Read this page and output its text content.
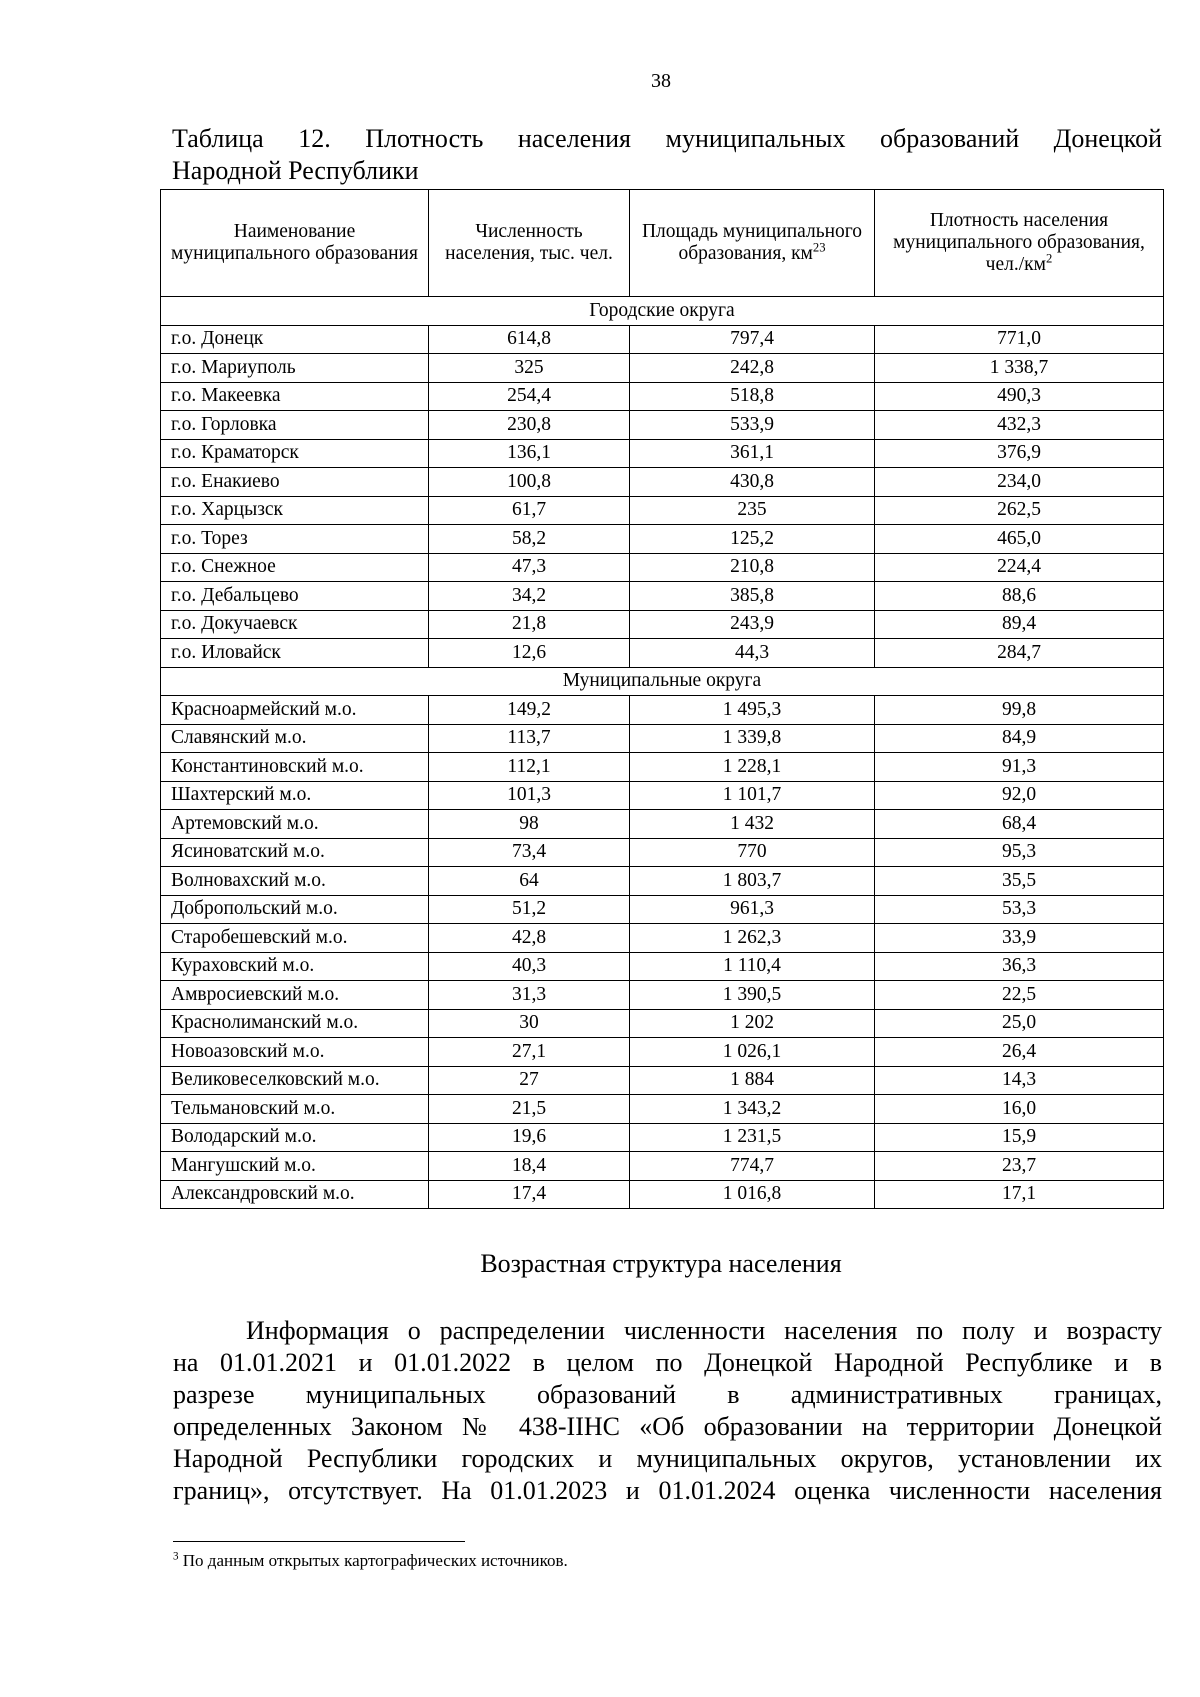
38
Таблица 12. Плотность населения муниципальных образований Донецкой
Народной Республики
Наименование муниципального образования	Численность населения, тыс. чел.	Площадь муниципального образования, $км^{23}$	Плотность населения муниципального образования, $чел./км^2$
Городские округа			
г.о. Донецк	614,8	797,4	771,0
г.о. Мариуполь	325	242,8	1 338,7
г.о. Макеевка	254,4	518,8	490,3
г.о. Горловка	230,8	533,9	432,3
г.о. Краматорск	136,1	361,1	376,9
г.о. Енакиево	100,8	430,8	234,0
г.о. Харцызск	61,7	235	262,5
г.о. Торез	58,2	125,2	465,0
г.о. Снежное	47,3	210,8	224,4
г.о. Дебальцево	34,2	385,8	88,6
г.о. Докучаевск	21,8	243,9	89,4
г.о. Иловайск	12,6	44,3	284,7
Муниципальные округа			
Красноармейский м.о.	149,2	1 495,3	99,8
Славянский м.о.	113,7	1 339,8	84,9
Константиновский м.о.	112,1	1 228,1	91,3
Шахтерский м.о.	101,3	1 101,7	92,0
Артемовский м.о.	98	1 432	68,4
Ясиноватский м.о.	73,4	770	95,3
Волновахский м.о.	64	1 803,7	35,5
Добропольский м.о.	51,2	961,3	53,3
Старобешевский м.о.	42,8	1 262,3	33,9
Кураховский м.о.	40,3	1 110,4	36,3
Амвросиевский м.о.	31,3	1 390,5	22,5
Краснолиманский м.о.	30	1 202	25,0
Новоазовский м.о.	27,1	1 026,1	26,4
Великовеселковский м.о.	27	1 884	14,3
Тельмановский м.о.	21,5	1 343,2	16,0
Володарский м.о.	19,6	1 231,5	15,9
Мангушский м.о.	18,4	774,7	23,7
Александровский м.о.	17,4	1 016,8	17,1
Возрастная структура населения
Информация о распределении численности населения по полу и возрасту
на 01.01.2021 и 01.01.2022 в целом по Донецкой Народной Республике и в
разрезе муниципальных образований в административных границах,
определенных Законом № 438-IIНС «Об образовании на территории Донецкой
Народной Республики городских и муниципальных округов, установлении их
границ», отсутствует. На 01.01.2023 и 01.01.2024 оценка численности населения
$^3$ По данным открытых картографических источников.
